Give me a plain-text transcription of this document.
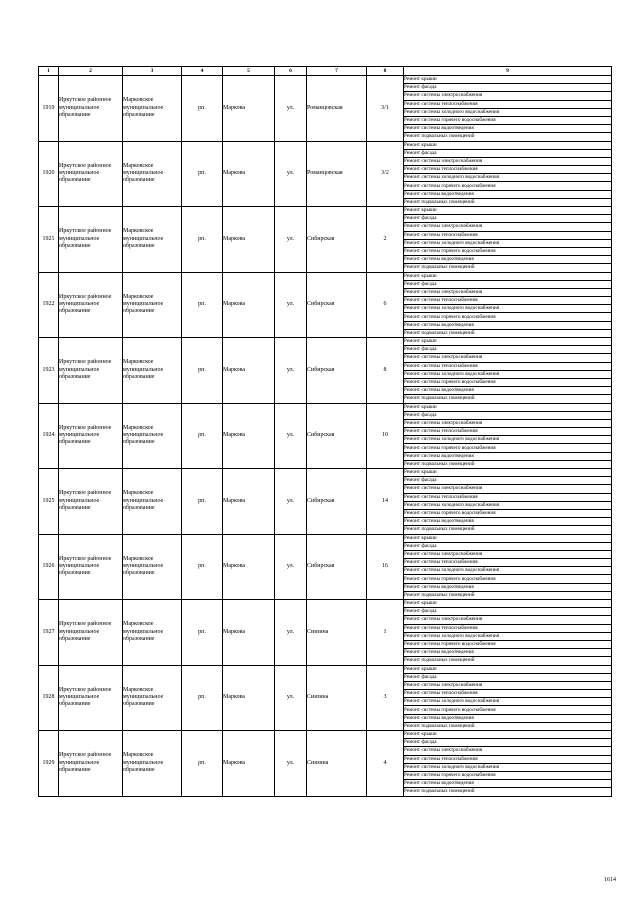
1	2	3	4	5	6	7	8	9
1919	Иркутское районное муниципальное образование	Марковское муниципальное образование	рп.	Маркова	ул.	Романцовская	3/1	Ремонт крыши
								Ремонт фасада
								Ремонт системы электроснабжения
								Ремонт системы теплоснабжения
								Ремонт системы холодного водоснабжения
								Ремонт системы горячего водоснабжения
								Ремонт системы водоотведения
								Ремонт подвальных помещений
1920	Иркутское районное муниципальное образование	Марковское муниципальное образование	рп.	Маркова	ул.	Романцовская	3/2	Ремонт крыши
								Ремонт фасада
								Ремонт системы электроснабжения
								Ремонт системы теплоснабжения
								Ремонт системы холодного водоснабжения
								Ремонт системы горячего водоснабжения
								Ремонт системы водоотведения
								Ремонт подвальных помещений
1921	Иркутское районное муниципальное образование	Марковское муниципальное образование	рп.	Маркова	ул.	Сибирская	2	Ремонт крыши
								Ремонт фасада
								Ремонт системы электроснабжения
								Ремонт системы теплоснабжения
								Ремонт системы холодного водоснабжения
								Ремонт системы горячего водоснабжения
								Ремонт системы водоотведения
								Ремонт подвальных помещений
1922	Иркутское районное муниципальное образование	Марковское муниципальное образование	рп.	Маркова	ул.	Сибирская	6	Ремонт крыши
								Ремонт фасада
								Ремонт системы электроснабжения
								Ремонт системы теплоснабжения
								Ремонт системы холодного водоснабжения
								Ремонт системы горячего водоснабжения
								Ремонт системы водоотведения
								Ремонт подвальных помещений
1923	Иркутское районное муниципальное образование	Марковское муниципальное образование	рп.	Маркова	ул.	Сибирская	8	Ремонт крыши
								Ремонт фасада
								Ремонт системы электроснабжения
								Ремонт системы теплоснабжения
								Ремонт системы холодного водоснабжения
								Ремонт системы горячего водоснабжения
								Ремонт системы водоотведения
								Ремонт подвальных помещений
1924	Иркутское районное муниципальное образование	Марковское муниципальное образование	рп.	Маркова	ул.	Сибирская	10	Ремонт крыши
								Ремонт фасада
								Ремонт системы электроснабжения
								Ремонт системы теплоснабжения
								Ремонт системы холодного водоснабжения
								Ремонт системы горячего водоснабжения
								Ремонт системы водоотведения
								Ремонт подвальных помещений
1925	Иркутское районное муниципальное образование	Марковское муниципальное образование	рп.	Маркова	ул.	Сибирская	14	Ремонт крыши
								Ремонт фасада
								Ремонт системы электроснабжения
								Ремонт системы теплоснабжения
								Ремонт системы холодного водоснабжения
								Ремонт системы горячего водоснабжения
								Ремонт системы водоотведения
								Ремонт подвальных помещений
1926	Иркутское районное муниципальное образование	Марковское муниципальное образование	рп.	Маркова	ул.	Сибирская	16	Ремонт крыши
								Ремонт фасада
								Ремонт системы электроснабжения
								Ремонт системы теплоснабжения
								Ремонт системы холодного водоснабжения
								Ремонт системы горячего водоснабжения
								Ремонт системы водоотведения
								Ремонт подвальных помещений
1927	Иркутское районное муниципальное образование	Марковское муниципальное образование	рп.	Маркова	ул.	Сиязина	1	Ремонт крыши
								Ремонт фасада
								Ремонт системы электроснабжения
								Ремонт системы теплоснабжения
								Ремонт системы холодного водоснабжения
								Ремонт системы горячего водоснабжения
								Ремонт системы водоотведения
								Ремонт подвальных помещений
1928	Иркутское районное муниципальное образование	Марковское муниципальное образование	рп.	Маркова	ул.	Сиязина	3	Ремонт крыши
								Ремонт фасада
								Ремонт системы электроснабжения
								Ремонт системы теплоснабжения
								Ремонт системы холодного водоснабжения
								Ремонт системы горячего водоснабжения
								Ремонт системы водоотведения
								Ремонт подвальных помещений
1929	Иркутское районное муниципальное образование	Марковское муниципальное образование	рп.	Маркова	ул.	Сиязина	4	Ремонт крыши
								Ремонт фасада
								Ремонт системы электроснабжения
								Ремонт системы теплоснабжения
								Ремонт системы холодного водоснабжения
								Ремонт системы горячего водоснабжения
								Ремонт системы водоотведения
								Ремонт подвальных помещений
1614
